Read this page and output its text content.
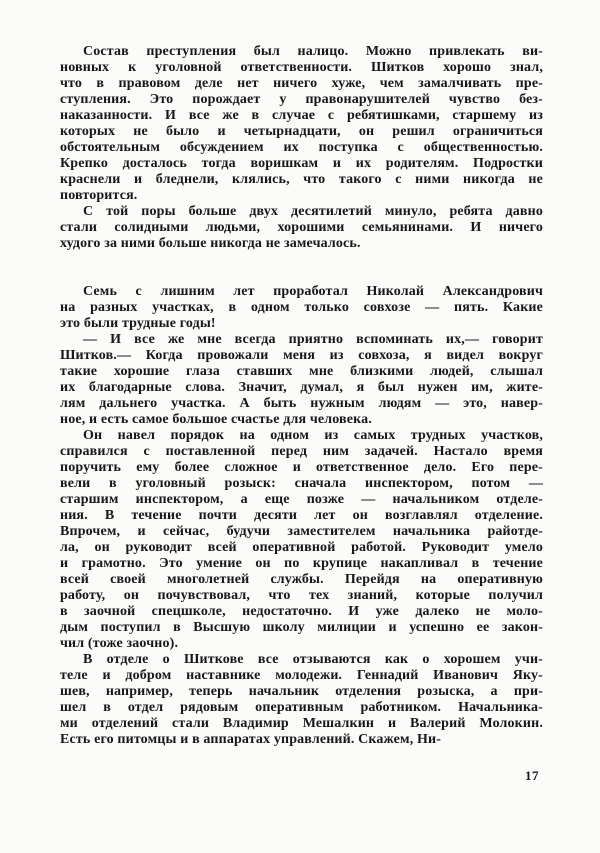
Состав преступления был налицо. Можно привлекать ви-
новных к уголовной ответственности. Шитков хорошо знал,
что в правовом деле нет ничего хуже, чем замалчивать пре-
ступления. Это порождает у правонарушителей чувство без-
наказанности. И все же в случае с ребятишками, старшему из
которых не было и четырнадцати, он решил ограничиться
обстоятельным обсуждением их поступка с общественностью.
Крепко досталось тогда воришкам и их родителям. Подростки
краснели и бледнели, клялись, что такого с ними никогда не
повторится.
С той поры больше двух десятилетий минуло, ребята давно
стали солидными людьми, хорошими семьянинами. И ничего
худого за ними больше никогда не замечалось.
Семь с лишним лет проработал Николай Александрович
на разных участках, в одном только совхозе — пять. Какие
это были трудные годы!
— И все же мне всегда приятно вспоминать их,— говорит
Шитков.— Когда провожали меня из совхоза, я видел вокруг
такие хорошие глаза ставших мне близкими людей, слышал
их благодарные слова. Значит, думал, я был нужен им, жите-
лям дальнего участка. А быть нужным людям — это, навер-
ное, и есть самое большое счастье для человека.
Он навел порядок на одном из самых трудных участков,
справился с поставленной перед ним задачей. Настало время
поручить ему более сложное и ответственное дело. Его пере-
вели в уголовный розыск: сначала инспектором, потом —
старшим инспектором, а еще позже — начальником отделе-
ния. В течение почти десяти лет он возглавлял отделение.
Впрочем, и сейчас, будучи заместителем начальника райотде-
ла, он руководит всей оперативной работой. Руководит умело
и грамотно. Это умение он по крупице накапливал в течение
всей своей многолетней службы. Перейдя на оперативную
работу, он почувствовал, что тех знаний, которые получил
в заочной спецшколе, недостаточно. И уже далеко не моло-
дым поступил в Высшую школу милиции и успешно ее закон-
чил (тоже заочно).
В отделе о Шиткове все отзываются как о хорошем учи-
теле и добром наставнике молодежи. Геннадий Иванович Яку-
шев, например, теперь начальник отделения розыска, а при-
шел в отдел рядовым оперативным работником. Начальника-
ми отделений стали Владимир Мешалкин и Валерий Молокин.
Есть его питомцы и в аппаратах управлений. Скажем, Ни-
17
